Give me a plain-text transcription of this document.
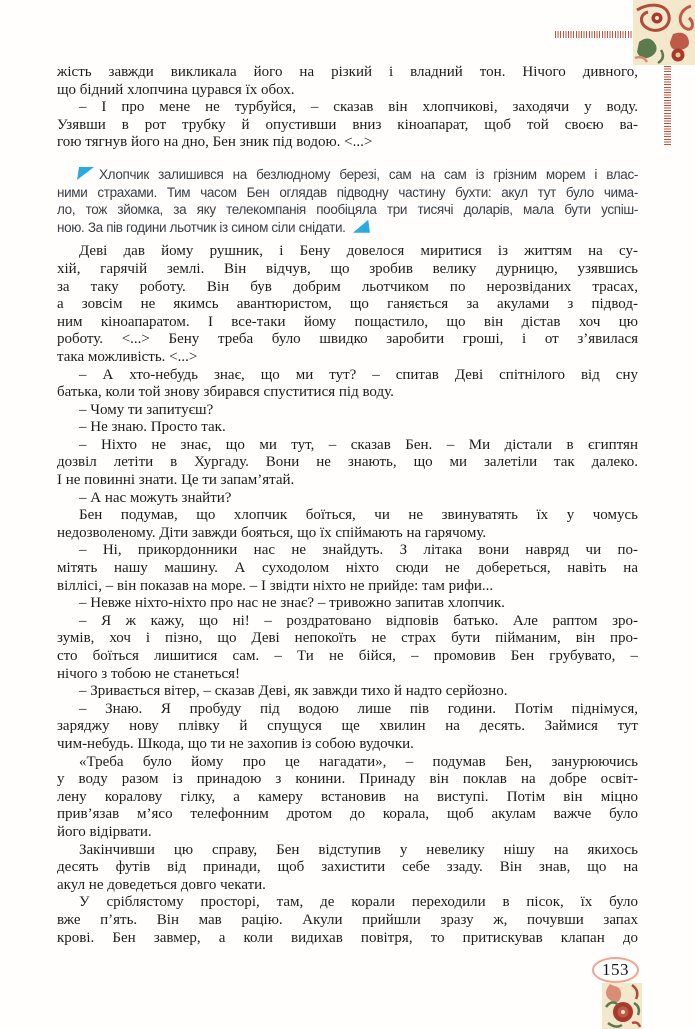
жість завжди викликала його на різкий і владний тон. Нічого дивного,
що бідний хлопчина цурався їх обох.
– І про мене не турбуйся, – сказав він хлопчикові, заходячи у воду.
Узявши в рот трубку й опустивши вниз кіноапарат, щоб той своєю ва-
гою тягнув його на дно, Бен зник під водою. <...>
Хлопчик залишився на безлюдному березі, сам на сам із грізним морем і влас-
ними страхами. Тим часом Бен оглядав підводну частину бухти: акул тут було чима-
ло, тож зйомка, за яку телекомпанія пообіцяла три тисячі доларів, мала бути успіш-
ною. За пів години льотчик із сином сіли снідати.
Деві дав йому рушник, і Бену довелося миритися із життям на су-
хій, гарячій землі. Він відчув, що зробив велику дурницю, узявшись
за таку роботу. Він був добрим льотчиком по нерозвіданих трасах,
а зовсім не якимсь авантюристом, що ганяється за акулами з підвод-
ним кіноапаратом. І все-таки йому пощастило, що він дістав хоч цю
роботу. <...> Бену треба було швидко заробити гроші, і от з’явилася
така можливість. <...>
– А хто-небудь знає, що ми тут? – спитав Деві спітнілого від сну
батька, коли той знову збирався спуститися під воду.
– Чому ти запитуєш?
– Не знаю. Просто так.
– Ніхто не знає, що ми тут, – сказав Бен. – Ми дістали в єгиптян
дозвіл летіти в Хургаду. Вони не знають, що ми залетіли так далеко.
І не повинні знати. Це ти запам’ятай.
– А нас можуть знайти?
Бен подумав, що хлопчик боїться, чи не звинуватять їх у чомусь
недозволеному. Діти завжди бояться, що їх спіймають на гарячому.
– Ні, прикордонники нас не знайдуть. З літака вони навряд чи по-
мітять нашу машину. А суходолом ніхто сюди не добереться, навіть на
віллісі, – він показав на море. – І звідти ніхто не прийде: там рифи...
– Невже ніхто-ніхто про нас не знає? – тривожно запитав хлопчик.
– Я ж кажу, що ні! – роздратовано відповів батько. Але раптом зро-
зумів, хоч і пізно, що Деві непокоїть не страх бути пійманим, він про-
сто боїться лишитися сам. – Ти не бійся, – промовив Бен грубувато, –
нічого з тобою не станеться!
– Зривається вітер, – сказав Деві, як завжди тихо й надто серйозно.
– Знаю. Я пробуду під водою лише пів години. Потім піднімуся,
заряджу нову плівку й спущуся ще хвилин на десять. Займися тут
чим-небудь. Шкода, що ти не захопив із собою вудочки.
«Треба було йому про це нагадати», – подумав Бен, занурюючись
у воду разом із принадою з конини. Принаду він поклав на добре освіт-
лену коралову гілку, а камеру встановив на виступі. Потім він міцно
прив’язав м’ясо телефонним дротом до корала, щоб акулам важче було
його відірвати.
Закінчивши цю справу, Бен відступив у невелику нішу на якихось
десять футів від принади, щоб захистити себе ззаду. Він знав, що на
акул не доведеться довго чекати.
У сріблястому просторі, там, де корали переходили в пісок, їх було
вже п’ять. Він мав рацію. Акули прийшли зразу ж, почувши запах
крові. Бен завмер, а коли видихав повітря, то притискував клапан до
153
